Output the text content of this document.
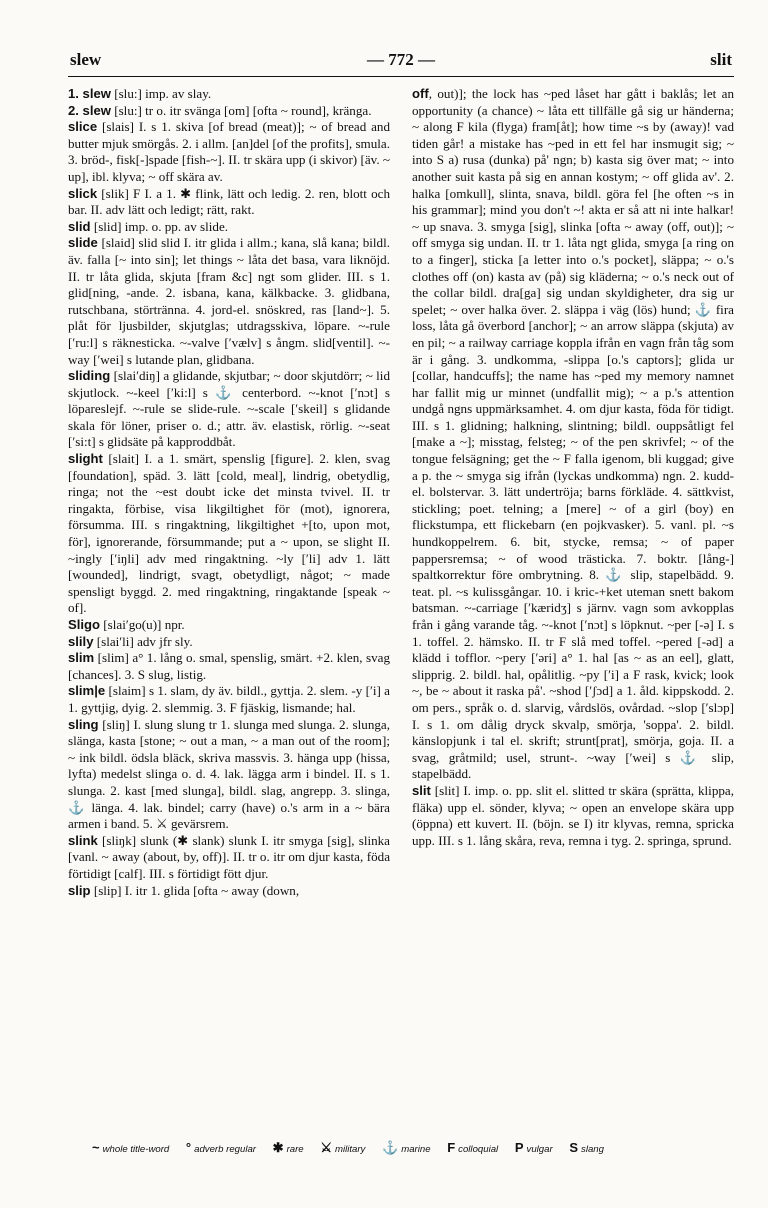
slew	— 772 —	slit

1. slew [slu:] imp. av slay.

2. slew [slu:] tr o. itr svänga [om] [ofta ~ round], kränga.

slice [slais] I. s 1. skiva [of bread (meat)]; ~ of bread and butter mjuk smörgås. 2. i allm. [an]del [of the profits], smula. 3. bröd-, fisk[-]spade [fish-~]. II. tr skära upp (i skivor) [äv. ~ up], ibl. klyva; ~ off skära av.

slick [slik] F I. a 1. ✱ flink, lätt och ledig. 2. ren, blott och bar. II. adv lätt och ledigt; rätt, rakt.

slid [slid] imp. o. pp. av slide.

slide [slaid] slid slid I. itr glida i allm.; kana, slå kana; bildl. äv. falla [~ into sin]; let things ~ låta det basa, vara liknöjd. II. tr låta glida, skjuta [fram &c] ngt som glider. III. s 1. glid[ning, -ande. 2. isbana, kana, kälkbacke. 3. glidbana, rutschbana, störtränna. 4. jord-el. snöskred, ras [land~]. 5. plåt för ljusbilder, skjutglas; utdragsskiva, löpare. ~-rule [ʹru:l] s räknesticka. ~-valve [ʹvælv] s ångm. slid[ventil]. ~-way [ʹwei] s lutande plan, glidbana.

sliding [slaiʹdiŋ] a glidande, skjutbar; ~ door skjutdörr; ~ lid skjutlock. ~-keel [ʹki:l] s ⚓ centerbord. ~-knot [ʹnɔt] s löpareslejf. ~-rule se slide-rule. ~-scale [ʹskeil] s glidande skala för löner, priser o. d.; attr. äv. elastisk, rörlig. ~-seat [ʹsi:t] s glidsäte på kapproddbåt.

slight [slait] I. a 1. smärt, spenslig [figure]. 2. klen, svag [foundation], späd. 3. lätt [cold, meal], lindrig, obetydlig, ringa; not the ~est doubt icke det minsta tvivel. II. tr ringakta, förbise, visa likgiltighet för (mot), ignorera, försumma. III. s ringaktning, likgiltighet +[to, upon mot, för], ignorerande, försummande; put a ~ upon, se slight II. ~ingly [ʹiŋli] adv med ringaktning. ~ly [ʹli] adv 1. lätt [wounded], lindrigt, svagt, obetydligt, något; ~ made spensligt byggd. 2. med ringaktning, ringaktande [speak ~ of].

Sligo [slaiʹgo(u)] npr.

slily [slaiʹli] adv jfr sly.

slim [slim] a° 1. lång o. smal, spenslig, smärt. +2. klen, svag [chances]. 3. S slug, listig.

slim|e [slaim] s 1. slam, dy äv. bildl., gyttja. 2. slem. -y [ʹi] a 1. gyttjig, dyig. 2. slemmig. 3. F fjäskig, lismande; hal.

sling [sliŋ] I. slung slung tr 1. slunga med slunga. 2. slunga, slänga, kasta [stone; ~ out a man, ~ a man out of the room]; ~ ink bildl. ödsla bläck, skriva massvis. 3. hänga upp (hissa, lyfta) medelst slinga o. d. 4. lak. lägga arm i bindel. II. s 1. slunga. 2. kast [med slunga], bildl. slag, angrepp. 3. slinga, ⚓ länga. 4. lak. bindel; carry (have) o.'s arm in a ~ bära armen i band. 5. ⚔ gevärsrem.

slink [sliŋk] slunk (✱ slank) slunk I. itr smyga [sig], slinka [vanl. ~ away (about, by, off)]. II. tr o. itr om djur kasta, föda förtidigt [calf]. III. s förtidigt fött djur.

slip [slip] I. itr 1. glida [ofta ~ away (down,

off, out)]; the lock has ~ped låset har gått i baklås; let an opportunity (a chance) ~ låta ett tillfälle gå sig ur händerna; ~ along F kila (flyga) fram[åt]; how time ~s by (away)! vad tiden går! a mistake has ~ped in ett fel har insmugit sig; ~ into S a) rusa (dunka) på' ngn; b) kasta sig över mat; ~ into another suit kasta på sig en annan kostym; ~ off glida av'. 2. halka [omkull], slinta, snava, bildl. göra fel [he often ~s in his grammar]; mind you don't ~! akta er så att ni inte halkar! ~ up snava. 3. smyga [sig], slinka [ofta ~ away (off, out)]; ~ off smyga sig undan. II. tr 1. låta ngt glida, smyga [a ring on to a finger], sticka [a letter into o.'s pocket], släppa; ~ o.'s clothes off (on) kasta av (på) sig kläderna; ~ o.'s neck out of the collar bildl. dra[ga] sig undan skyldigheter, dra sig ur spelet; ~ over halka över. 2. släppa i väg (lös) hund; ⚓ fira loss, låta gå överbord [anchor]; ~ an arrow släppa (skjuta) av en pil; ~ a railway carriage koppla ifrån en vagn från tåg som är i gång. 3. undkomma, -slippa [o.'s captors]; glida ur [collar, handcuffs]; the name has ~ped my memory namnet har fallit mig ur minnet (undfallit mig); ~ a p.'s attention undgå ngns uppmärksamhet. 4. om djur kasta, föda för tidigt. III. s 1. glidning; halkning, slintning; bildl. ouppsåtligt fel [make a ~]; misstag, felsteg; ~ of the pen skrivfel; ~ of the tongue felsägning; get the ~ F falla igenom, bli kuggad; give a p. the ~ smyga sig ifrån (lyckas undkomma) ngn. 2. kudd- el. bolstervar. 3. lätt undertröja; barns förkläde. 4. sättkvist, stickling; poet. telning; a [mere] ~ of a girl (boy) en flickstumpa, ett flickebarn (en pojkvasker). 5. vanl. pl. ~s hundkoppelrem. 6. bit, stycke, remsa; ~ of paper pappersremsa; ~ of wood trästicka. 7. boktr. [lång-] spaltkorrektur före ombrytning. 8. ⚓ slip, stapelbädd. 9. teat. pl. ~s kulissgångar. 10. i kric-+ket uteman snett bakom batsman. ~-carriage [ʹkæridʒ] s järnv. vagn som avkopplas från i gång varande tåg. ~-knot [ʹnɔt] s löpknut. ~per [-ə] I. s 1. toffel. 2. hämsko. II. tr F slå med toffel. ~pered [-əd] a klädd i tofflor. ~pery [ʹəri] a° 1. hal [as ~ as an eel], glatt, slipprig. 2. bildl. hal, opålitlig. ~py [ʹi] a F rask, kvick; look ~, be ~ about it raska på'. ~shod [ʹʃɔd] a 1. åld. kippskodd. 2. om pers., språk o. d. slarvig, vårdslös, ovårdad. ~slop [ʹslɔp] I. s 1. om dålig dryck skvalp, smörja, 'soppa'. 2. bildl. känslopjunk i tal el. skrift; strunt[prat], smörja, goja. II. a svag, gråtmild; usel, strunt-. ~way [ʹwei] s ⚓ slip, stapelbädd.

slit [slit] I. imp. o. pp. slit el. slitted tr skära (sprätta, klippa, fläka) upp el. sönder, klyva; ~ open an envelope skära upp (öppna) ett kuvert. II. (böjn. se I) itr klyvas, remna, spricka upp. III. s 1. lång skåra, reva, remna i tyg. 2. springa, sprund.

~ whole title-word ° adverb regular ✱ rare ⚔ military ⚓ marine F colloquial P vulgar S slang
